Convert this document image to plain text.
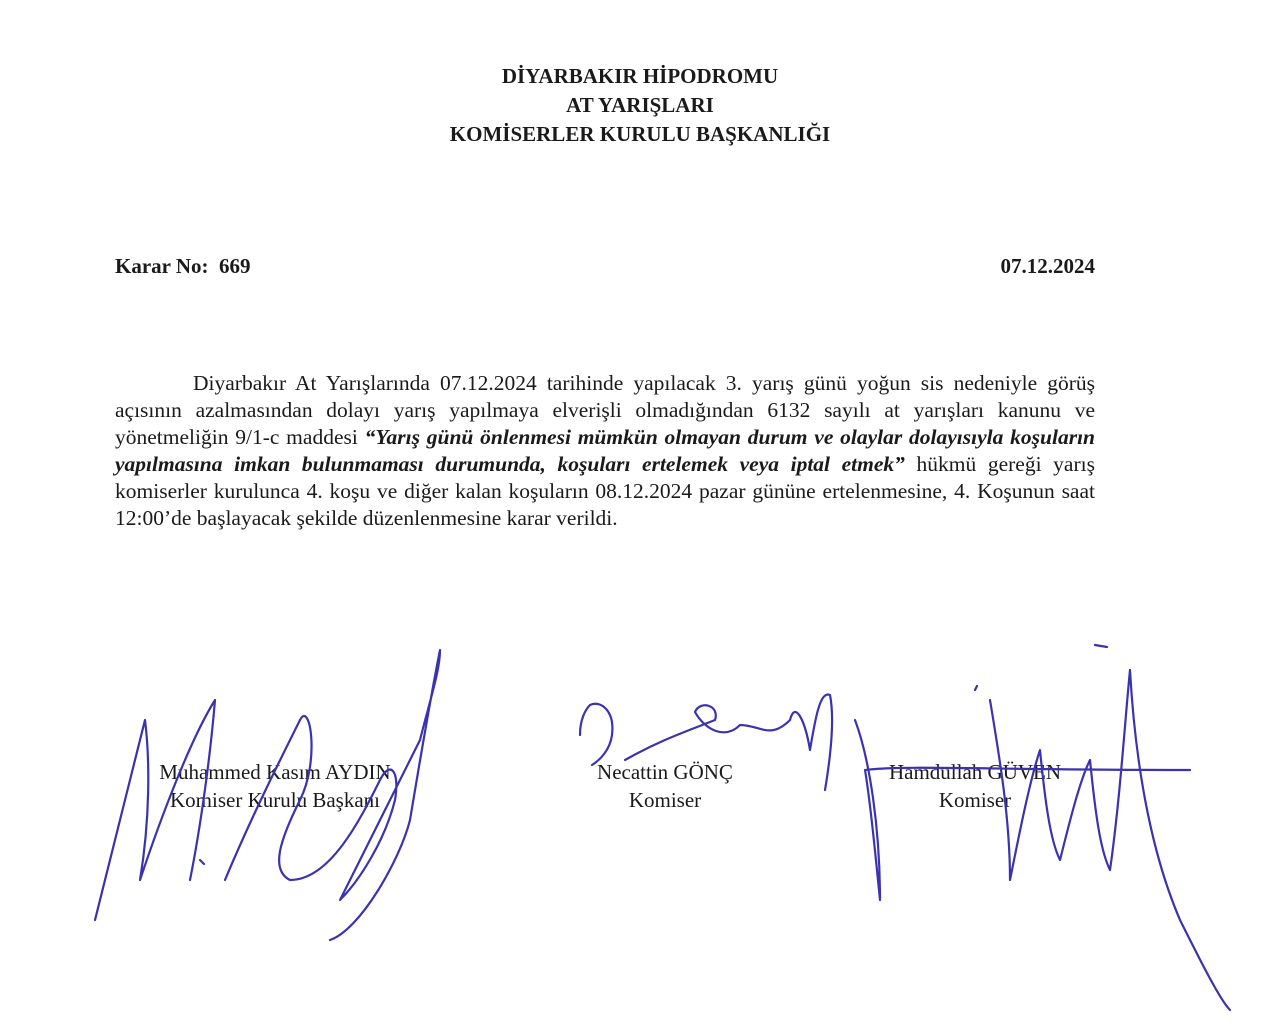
DİYARBAKIR HİPODROMU
AT YARIŞLARI
KOMİSERLER KURULU BAŞKANLIĞI
Karar No: 669	07.12.2024
Diyarbakır At Yarışlarında 07.12.2024 tarihinde yapılacak 3. yarış günü yoğun sis nedeniyle görüş açısının azalmasından dolayı yarış yapılmaya elverişli olmadığından 6132 sayılı at yarışları kanunu ve yönetmeliğin 9/1-c maddesi “Yarış günü önlenmesi mümkün olmayan durum ve olaylar dolayısıyla koşuların yapılmasına imkan bulunmaması durumunda, koşuları ertelemek veya iptal etmek” hükmü gereği yarış komiserler kurulunca 4. koşu ve diğer kalan koşuların 08.12.2024 pazar gününe ertelenmesine, 4. Koşunun saat 12:00’de başlayacak şekilde düzenlenmesine karar verildi.
Muhammed Kasım AYDIN
Komiser Kurulu Başkanı
Necattin GÖNÇ
Komiser
Hamdullah GÜVEN
Komiser
